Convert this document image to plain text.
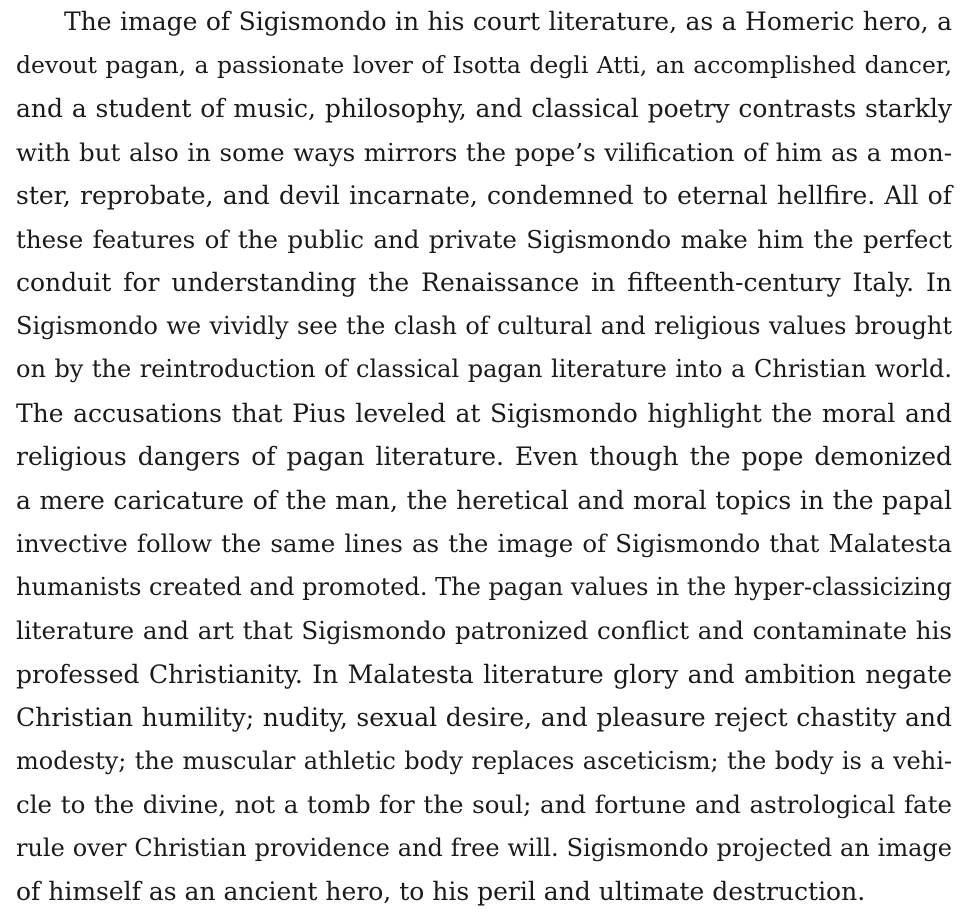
The image of Sigismondo in his court literature, as a Homeric hero, a
devout pagan, a passionate lover of Isotta degli Atti, an accomplished dancer,
and a student of music, philosophy, and classical poetry contrasts starkly
with but also in some ways mirrors the pope’s vilification of him as a mon-
ster, reprobate, and devil incarnate, condemned to eternal hellfire. All of
these features of the public and private Sigismondo make him the perfect
conduit for understanding the Renaissance in fifteenth-century Italy. In
Sigismondo we vividly see the clash of cultural and religious values brought
on by the reintroduction of classical pagan literature into a Christian world.
The accusations that Pius leveled at Sigismondo highlight the moral and
religious dangers of pagan literature. Even though the pope demonized
a mere caricature of the man, the heretical and moral topics in the papal
invective follow the same lines as the image of Sigismondo that Malatesta
humanists created and promoted. The pagan values in the hyper-classicizing
literature and art that Sigismondo patronized conflict and contaminate his
professed Christianity. In Malatesta literature glory and ambition negate
Christian humility; nudity, sexual desire, and pleasure reject chastity and
modesty; the muscular athletic body replaces asceticism; the body is a vehi-
cle to the divine, not a tomb for the soul; and fortune and astrological fate
rule over Christian providence and free will. Sigismondo projected an image
of himself as an ancient hero, to his peril and ultimate destruction.
